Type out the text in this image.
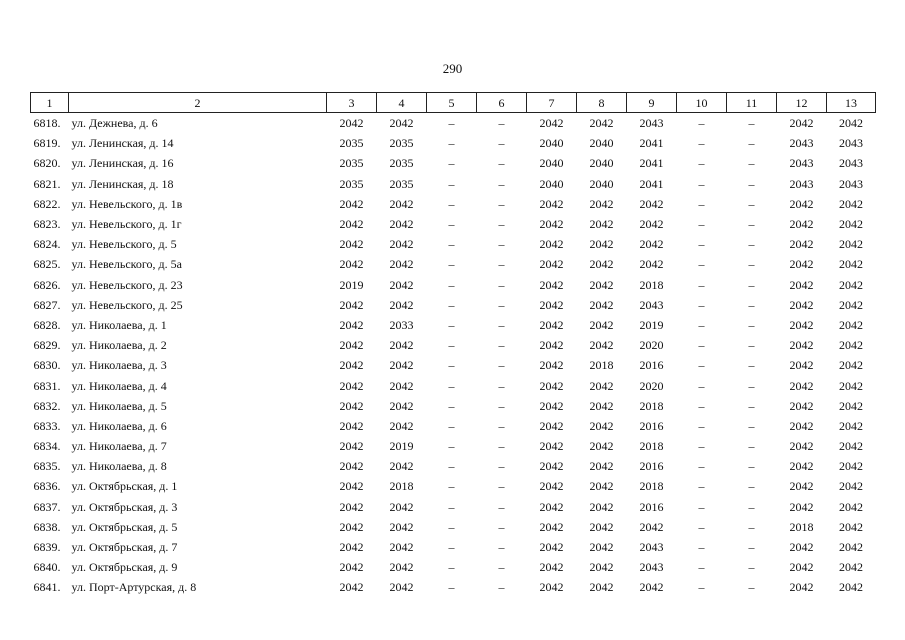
290
1	2	3	4	5	6	7	8	9	10	11	12	13
6818.	ул. Дежнева, д. 6	2042	2042	–	–	2042	2042	2043	–	–	2042	2042
6819.	ул. Ленинская, д. 14	2035	2035	–	–	2040	2040	2041	–	–	2043	2043
6820.	ул. Ленинская, д. 16	2035	2035	–	–	2040	2040	2041	–	–	2043	2043
6821.	ул. Ленинская, д. 18	2035	2035	–	–	2040	2040	2041	–	–	2043	2043
6822.	ул. Невельского, д. 1в	2042	2042	–	–	2042	2042	2042	–	–	2042	2042
6823.	ул. Невельского, д. 1г	2042	2042	–	–	2042	2042	2042	–	–	2042	2042
6824.	ул. Невельского, д. 5	2042	2042	–	–	2042	2042	2042	–	–	2042	2042
6825.	ул. Невельского, д. 5а	2042	2042	–	–	2042	2042	2042	–	–	2042	2042
6826.	ул. Невельского, д. 23	2019	2042	–	–	2042	2042	2018	–	–	2042	2042
6827.	ул. Невельского, д. 25	2042	2042	–	–	2042	2042	2043	–	–	2042	2042
6828.	ул. Николаева, д. 1	2042	2033	–	–	2042	2042	2019	–	–	2042	2042
6829.	ул. Николаева, д. 2	2042	2042	–	–	2042	2042	2020	–	–	2042	2042
6830.	ул. Николаева, д. 3	2042	2042	–	–	2042	2018	2016	–	–	2042	2042
6831.	ул. Николаева, д. 4	2042	2042	–	–	2042	2042	2020	–	–	2042	2042
6832.	ул. Николаева, д. 5	2042	2042	–	–	2042	2042	2018	–	–	2042	2042
6833.	ул. Николаева, д. 6	2042	2042	–	–	2042	2042	2016	–	–	2042	2042
6834.	ул. Николаева, д. 7	2042	2019	–	–	2042	2042	2018	–	–	2042	2042
6835.	ул. Николаева, д. 8	2042	2042	–	–	2042	2042	2016	–	–	2042	2042
6836.	ул. Октябрьская, д. 1	2042	2018	–	–	2042	2042	2018	–	–	2042	2042
6837.	ул. Октябрьская, д. 3	2042	2042	–	–	2042	2042	2016	–	–	2042	2042
6838.	ул. Октябрьская, д. 5	2042	2042	–	–	2042	2042	2042	–	–	2018	2042
6839.	ул. Октябрьская, д. 7	2042	2042	–	–	2042	2042	2043	–	–	2042	2042
6840.	ул. Октябрьская, д. 9	2042	2042	–	–	2042	2042	2043	–	–	2042	2042
6841.	ул. Порт-Артурская, д. 8	2042	2042	–	–	2042	2042	2042	–	–	2042	2042
